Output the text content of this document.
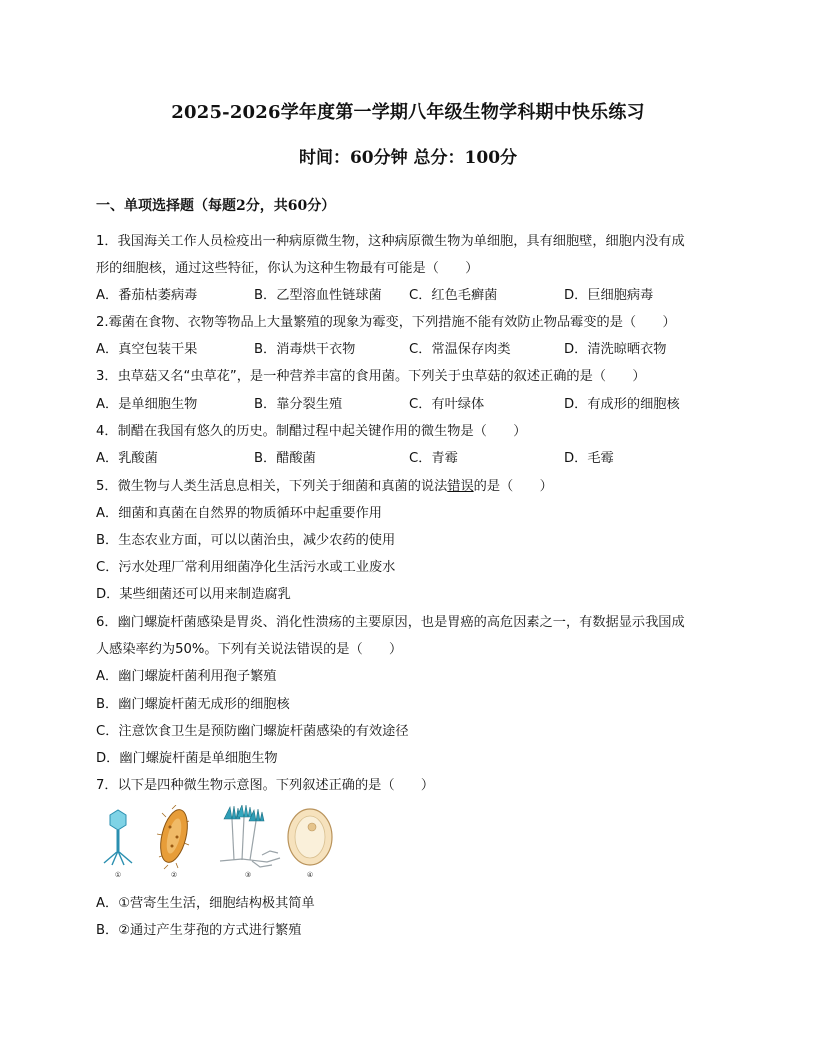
2025-2026学年度第一学期八年级生物学科期中快乐练习
时间：60分钟 总分：100分
一、单项选择题（每题2分，共60分）
1．我国海关工作人员检疫出一种病原微生物，这种病原微生物为单细胞，具有细胞壁，细胞内没有成
形的细胞核，通过这些特征，你认为这种生物最有可能是（　　）
A．番茄枯萎病毒	B．乙型溶血性链球菌 C．红色毛癣菌	D．巨细胞病毒
2.霉菌在食物、衣物等物品上大量繁殖的现象为霉变，下列措施不能有效防止物品霉变的是（　　）
A．真空包装干果	B．消毒烘干衣物	C．常温保存肉类	D．清洗晾晒衣物
3．虫草菇又名“虫草花”，是一种营养丰富的食用菌。下列关于虫草菇的叙述正确的是（　　）
A．是单细胞生物	B．靠分裂生殖	C．有叶绿体	D．有成形的细胞核
4．制醋在我国有悠久的历史。制醋过程中起关键作用的微生物是（　　）
A．乳酸菌	B．醋酸菌	C．青霉	D．毛霉
5．微生物与人类生活息息相关，下列关于细菌和真菌的说法错误的是（　　）
A．细菌和真菌在自然界的物质循环中起重要作用
B．生态农业方面，可以以菌治虫，减少农药的使用
C．污水处理厂常利用细菌净化生活污水或工业废水
D．某些细菌还可以用来制造腐乳
6．幽门螺旋杆菌感染是胃炎、消化性溃疡的主要原因，也是胃癌的高危因素之一，有数据显示我国成
人感染率约为50%。下列有关说法错误的是（　　）
A．幽门螺旋杆菌利用孢子繁殖
B．幽门螺旋杆菌无成形的细胞核
C．注意饮食卫生是预防幽门螺旋杆菌感染的有效途径
D．幽门螺旋杆菌是单细胞生物
7．以下是四种微生物示意图。下列叙述正确的是（　　）
①	②	③	④
A．①营寄生生活，细胞结构极其简单
B．②通过产生芽孢的方式进行繁殖
